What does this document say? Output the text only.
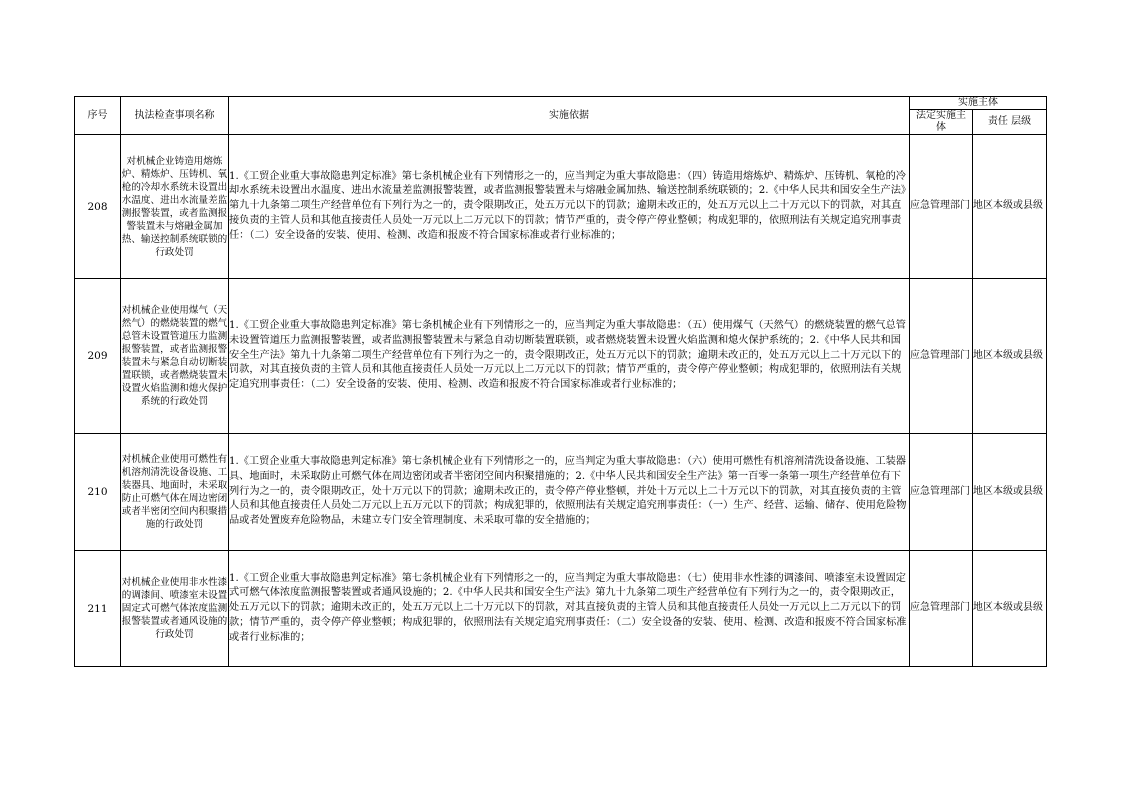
序号	执法检查事项名称	实施依据	实施主体	
			法定实施主体	责任 层级
208	对机械企业铸造用熔炼炉、精炼炉、压铸机、氧枪的冷却水系统未设置出水温度、进出水流量差监测报警装置，或者监测报警装置未与熔融金属加热、输送控制系统联锁的行政处罚	1.《工贸企业重大事故隐患判定标准》第七条机械企业有下列情形之一的，应当判定为重大事故隐患：（四）铸造用熔炼炉、精炼炉、压铸机、氧枪的冷却水系统未设置出水温度、进出水流量差监测报警装置，或者监测报警装置未与熔融金属加热、输送控制系统联锁的；2.《中华人民共和国安全生产法》第九十九条第二项生产经营单位有下列行为之一的，责令限期改正，处五万元以下的罚款；逾期未改正的，处五万元以上二十万元以下的罚款，对其直接负责的主管人员和其他直接责任人员处一万元以上二万元以下的罚款；情节严重的，责令停产停业整顿；构成犯罪的，依照刑法有关规定追究刑事责任：（二）安全设备的安装、使用、检测、改造和报废不符合国家标准或者行业标准的；	应急管理部门	地区本级或县级
209	对机械企业使用煤气（天然气）的燃烧装置的燃气总管未设置管道压力监测报警装置，或者监测报警装置未与紧急自动切断装置联锁，或者燃烧装置未设置火焰监测和熄火保护系统的行政处罚	1.《工贸企业重大事故隐患判定标准》第七条机械企业有下列情形之一的，应当判定为重大事故隐患：（五）使用煤气（天然气）的燃烧装置的燃气总管未设置管道压力监测报警装置，或者监测报警装置未与紧急自动切断装置联锁，或者燃烧装置未设置火焰监测和熄火保护系统的；2.《中华人民共和国安全生产法》第九十九条第二项生产经营单位有下列行为之一的，责令限期改正，处五万元以下的罚款；逾期未改正的，处五万元以上二十万元以下的罚款，对其直接负责的主管人员和其他直接责任人员处一万元以上二万元以下的罚款；情节严重的，责令停产停业整顿；构成犯罪的，依照刑法有关规定追究刑事责任：（二）安全设备的安装、使用、检测、改造和报废不符合国家标准或者行业标准的；	应急管理部门	地区本级或县级
210	对机械企业使用可燃性有机溶剂清洗设备设施、工装器具、地面时，未采取防止可燃气体在周边密闭或者半密闭空间内积聚措施的行政处罚	1.《工贸企业重大事故隐患判定标准》第七条机械企业有下列情形之一的，应当判定为重大事故隐患：（六）使用可燃性有机溶剂清洗设备设施、工装器具、地面时，未采取防止可燃气体在周边密闭或者半密闭空间内积聚措施的；2.《中华人民共和国安全生产法》第一百零一条第一项生产经营单位有下列行为之一的，责令限期改正，处十万元以下的罚款；逾期未改正的，责令停产停业整顿，并处十万元以上二十万元以下的罚款，对其直接负责的主管人员和其他直接责任人员处二万元以上五万元以下的罚款；构成犯罪的，依照刑法有关规定追究刑事责任：（一）生产、经营、运输、储存、使用危险物品或者处置废弃危险物品，未建立专门安全管理制度、未采取可靠的安全措施的；	应急管理部门	地区本级或县级
211	对机械企业使用非水性漆的调漆间、喷漆室未设置固定式可燃气体浓度监测报警装置或者通风设施的行政处罚	1.《工贸企业重大事故隐患判定标准》第七条机械企业有下列情形之一的，应当判定为重大事故隐患：（七）使用非水性漆的调漆间、喷漆室未设置固定式可燃气体浓度监测报警装置或者通风设施的；2.《中华人民共和国安全生产法》第九十九条第二项生产经营单位有下列行为之一的，责令限期改正，处五万元以下的罚款；逾期未改正的，处五万元以上二十万元以下的罚款，对其直接负责的主管人员和其他直接责任人员处一万元以上二万元以下的罚款；情节严重的，责令停产停业整顿；构成犯罪的，依照刑法有关规定追究刑事责任：（二）安全设备的安装、使用、检测、改造和报废不符合国家标准或者行业标准的；	应急管理部门	地区本级或县级
